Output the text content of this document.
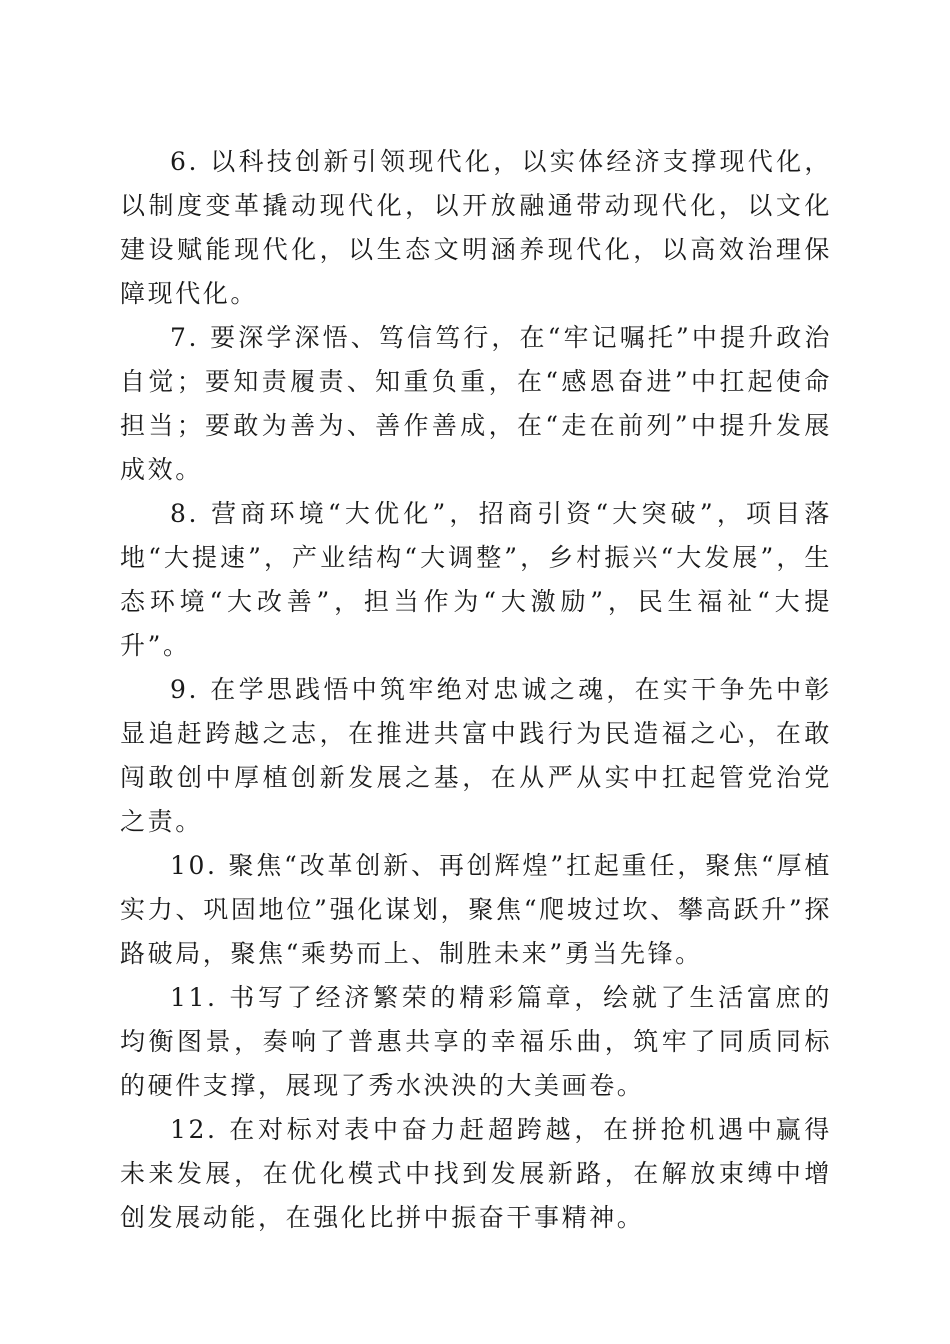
6. 以科技创新引领现代化，以实体经济支撑现代化，以制度变革撬动现代化，以开放融通带动现代化，以文化建设赋能现代化，以生态文明涵养现代化，以高效治理保障现代化。

7. 要深学深悟、笃信笃行，在“牢记嘱托”中提升政治自觉；要知责履责、知重负重，在“感恩奋进”中扛起使命担当；要敢为善为、善作善成，在“走在前列”中提升发展成效。

8. 营商环境“大优化”，招商引资“大突破”，项目落地“大提速”，产业结构“大调整”，乡村振兴“大发展”，生态环境“大改善”，担当作为“大激励”，民生福祉“大提升”。

9. 在学思践悟中筑牢绝对忠诚之魂，在实干争先中彰显追赶跨越之志，在推进共富中践行为民造福之心，在敢闯敢创中厚植创新发展之基，在从严从实中扛起管党治党之责。

10. 聚焦“改革创新、再创辉煌”扛起重任，聚焦“厚植实力、巩固地位”强化谋划，聚焦“爬坡过坎、攀高跃升”探路破局，聚焦“乘势而上、制胜未来”勇当先锋。

11. 书写了经济繁荣的精彩篇章，绘就了生活富庶的均衡图景，奏响了普惠共享的幸福乐曲，筑牢了同质同标的硬件支撑，展现了秀水泱泱的大美画卷。

12. 在对标对表中奋力赶超跨越，在拼抢机遇中赢得未来发展，在优化模式中找到发展新路，在解放束缚中增创发展动能，在强化比拼中振奋干事精神。
